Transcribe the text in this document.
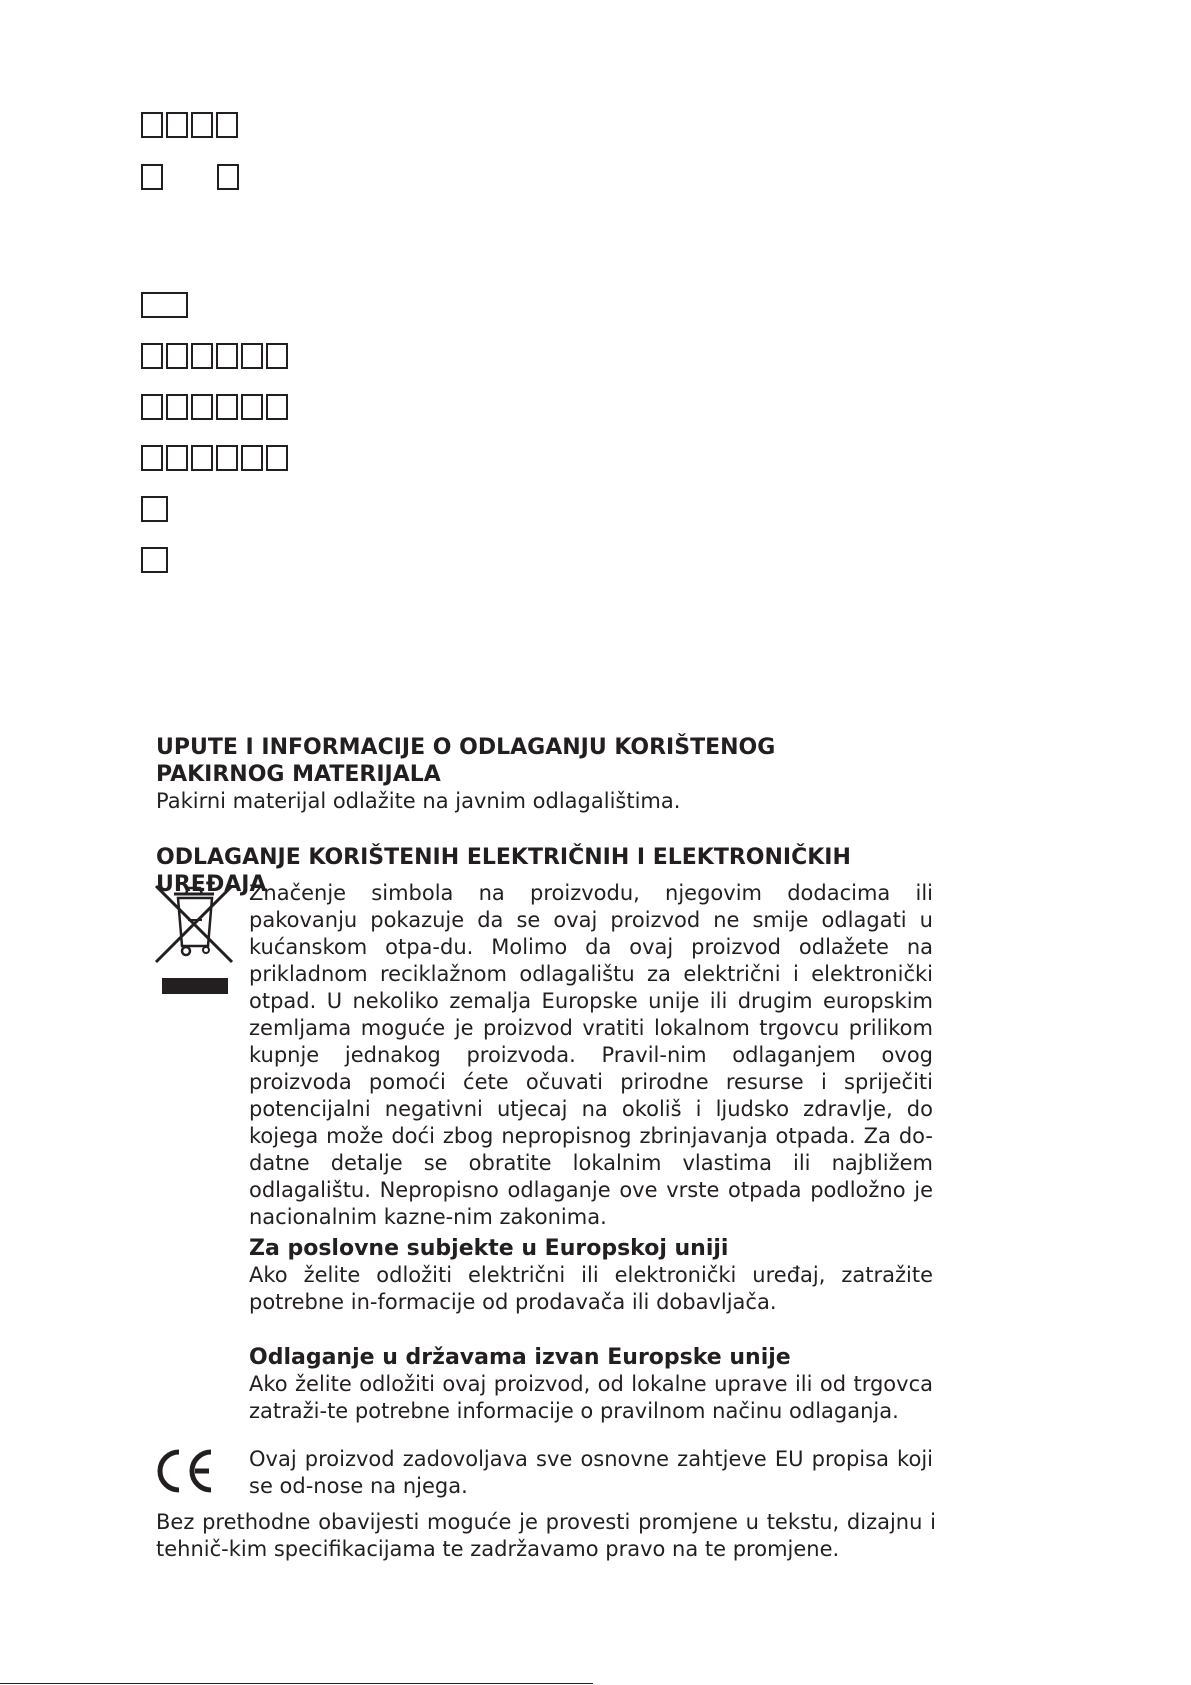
UPUTE I INFORMACIJE O ODLAGANJU KORIŠTENOG PAKIRNOG MATERIJALA

Pakirni materijal odlažite na javnim odlagalištima.

ODLAGANJE KORIŠTENIH ELEKTRIČNIH I ELEKTRONIČKIH UREĐAJA

Značenje simbola na proizvodu, njegovim dodacima ili pakovanju pokazuje da se ovaj proizvod ne smije odlagati u kućanskom otpa-du. Molimo da ovaj proizvod odlažete na prikladnom reciklažnom odlagalištu za električni i elektronički otpad. U nekoliko zemalja Europske unije ili drugim europskim zemljama moguće je proizvod vratiti lokalnom trgovcu prilikom kupnje jednakog proizvoda. Pravil-nim odlaganjem ovog proizvoda pomoći ćete očuvati prirodne resurse i spriječiti potencijalni negativni utjecaj na okoliš i ljudsko zdravlje, do kojega može doći zbog nepropisnog zbrinjavanja otpada. Za do-datne detalje se obratite lokalnim vlastima ili najbližem odlagalištu. Nepropisno odlaganje ove vrste otpada podložno je nacionalnim kazne-nim zakonima.

Za poslovne subjekte u Europskoj uniji

Ako želite odložiti električni ili elektronički uređaj, zatražite potrebne in-formacije od prodavača ili dobavljača.

Odlaganje u državama izvan Europske unije

Ako želite odložiti ovaj proizvod, od lokalne uprave ili od trgovca zatraži-te potrebne informacije o pravilnom načinu odlaganja.

Ovaj proizvod zadovoljava sve osnovne zahtjeve EU propisa koji se od-nose na njega.

Bez prethodne obavijesti moguće je provesti promjene u tekstu, dizajnu i tehnič-kim specifikacijama te zadržavamo pravo na te promjene.
